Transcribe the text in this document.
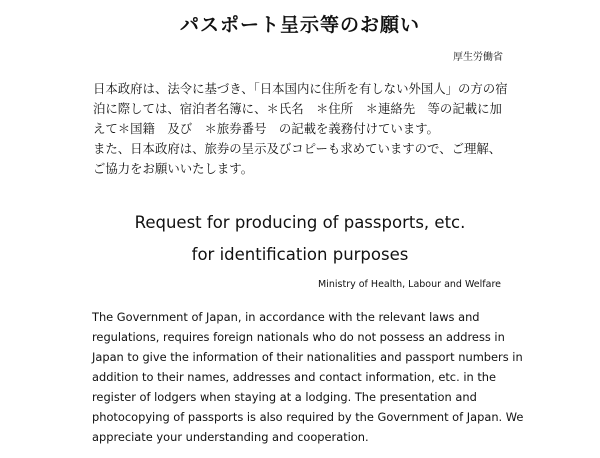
パスポート呈示等のお願い
厚生労働省

日本政府は、法令に基づき、「日本国内に住所を有しない外国人」の方の宿泊に際しては、宿泊者名簿に、＊氏名　＊住所　＊連絡先　等の記載に加えて＊国籍　及び　＊旅券番号　の記載を義務付けています。

また、日本政府は、旅券の呈示及びコピーも求めていますので、ご理解、ご協力をお願いいたします。

Request for producing of passports, etc.
for identification purposes
Ministry of Health, Labour and Welfare
The Government of Japan, in accordance with the relevant laws and
regulations, requires foreign nationals who do not possess an address in
Japan to give the information of their nationalities and passport numbers in
addition to their names, addresses and contact information, etc. in the
register of lodgers when staying at a lodging. The presentation and
photocopying of passports is also required by the Government of Japan. We
appreciate your understanding and cooperation.
